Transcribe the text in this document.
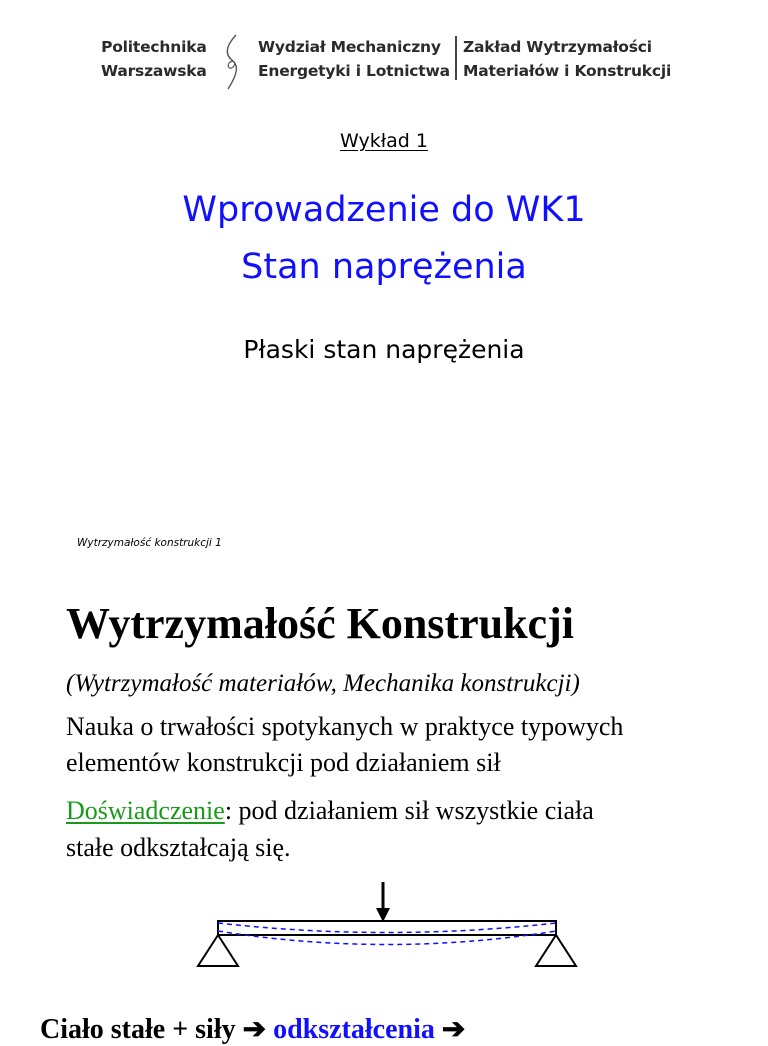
Politechnika
Warszawska
Wydział Mechaniczny
Energetyki i Lotnictwa
Zakład Wytrzymałości
Materiałów i Konstrukcji
Wykład 1
Wprowadzenie do WK1
Stan naprężenia
Płaski stan naprężenia
Wytrzymałość konstrukcji 1
Wytrzymałość Konstrukcji
(Wytrzymałość materiałów, Mechanika konstrukcji)
Nauka o trwałości spotykanych w praktyce typowych
elementów konstrukcji pod działaniem sił
Doświadczenie: pod działaniem sił wszystkie ciała
stałe odkształcają się.
Ciało stałe + siły ➔ odkształcenia ➔
